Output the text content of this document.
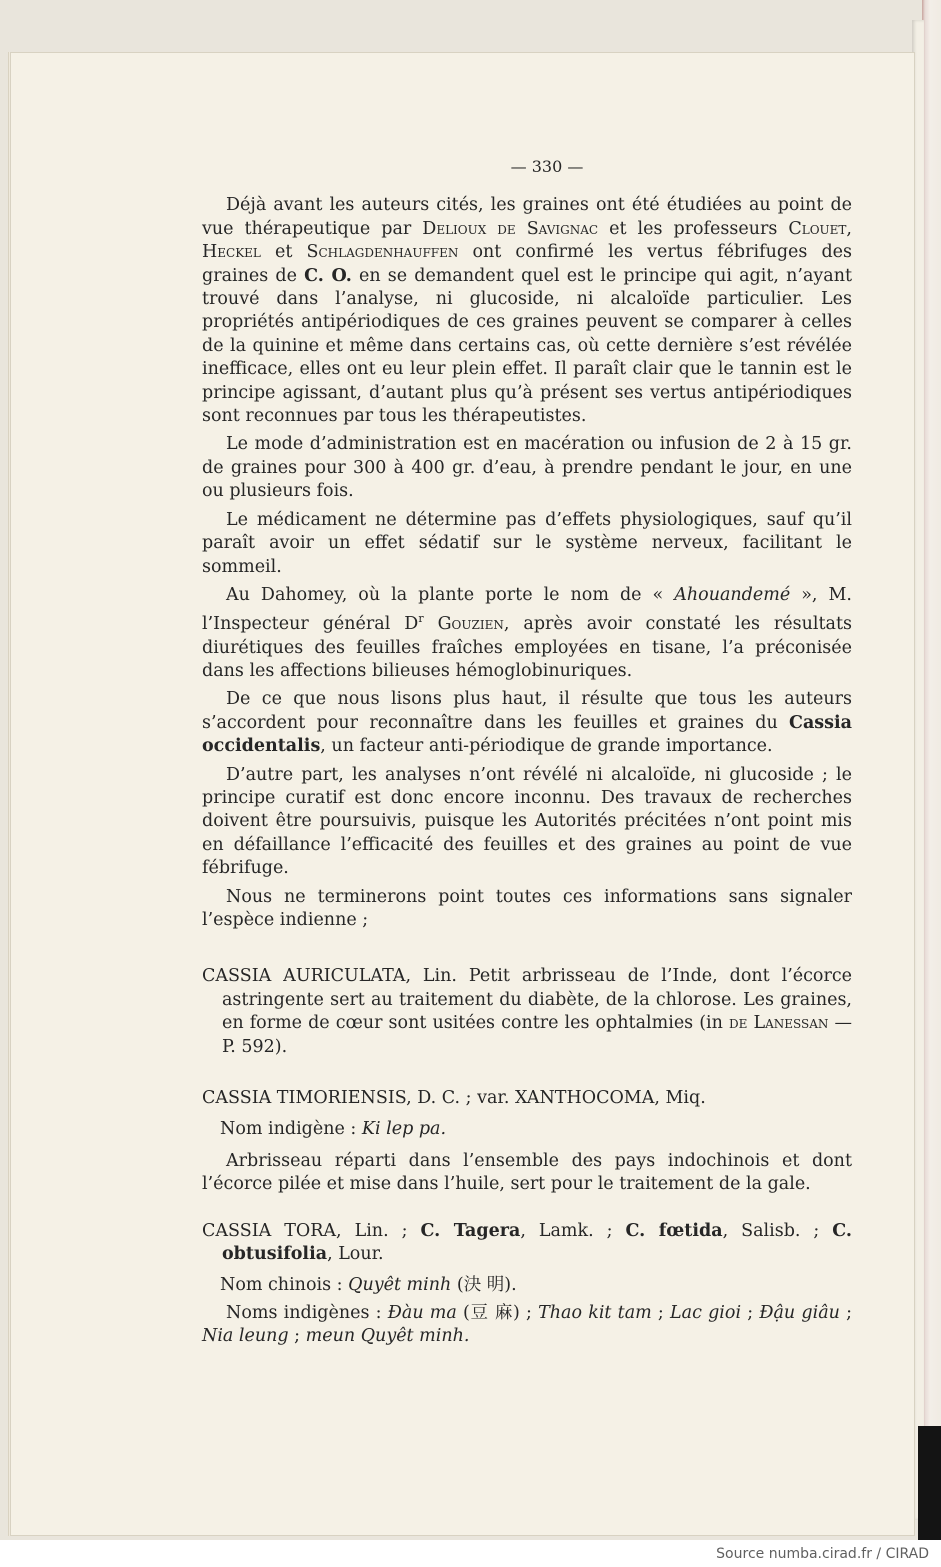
— 330 —

Déjà avant les auteurs cités, les graines ont été étudiées au point de vue thérapeutique par Delioux de Savignac et les professeurs Clouet, Heckel et Schlagdenhauffen ont confirmé les vertus fébrifuges des graines de C. O. en se demandent quel est le principe qui agit, n’ayant trouvé dans l’analyse, ni glucoside, ni alcaloïde particulier. Les propriétés antipériodiques de ces graines peuvent se comparer à celles de la quinine et même dans certains cas, où cette dernière s’est révélée inefficace, elles ont eu leur plein effet. Il paraît clair que le tannin est le principe agissant, d’autant plus qu’à présent ses vertus antipériodiques sont reconnues par tous les thérapeutistes.

Le mode d’administration est en macération ou infusion de 2 à 15 gr. de graines pour 300 à 400 gr. d’eau, à prendre pendant le jour, en une ou plusieurs fois.

Le médicament ne détermine pas d’effets physiologiques, sauf qu’il paraît avoir un effet sédatif sur le système nerveux, facilitant le sommeil.

Au Dahomey, où la plante porte le nom de « Ahouandemé », M. l’Inspecteur général $D^r$ Gouzien, après avoir constaté les résultats diurétiques des feuilles fraîches employées en tisane, l’a préconisée dans les affections bilieuses hémoglobinuriques.

De ce que nous lisons plus haut, il résulte que tous les auteurs s’accordent pour reconnaître dans les feuilles et graines du Cassia occidentalis, un facteur anti-périodique de grande importance.

D’autre part, les analyses n’ont révélé ni alcaloïde, ni glucoside ; le principe curatif est donc encore inconnu. Des travaux de recherches doivent être poursuivis, puisque les Autorités précitées n’ont point mis en défaillance l’efficacité des feuilles et des graines au point de vue fébrifuge.

Nous ne terminerons point toutes ces informations sans signaler l’espèce indienne ;

CASSIA AURICULATA, Lin. Petit arbrisseau de l’Inde, dont l’écorce astringente sert au traitement du diabète, de la chlorose. Les graines, en forme de cœur sont usitées contre les ophtalmies (in de Lanessan — P. 592).

CASSIA TIMORIENSIS, D. C. ; var. XANTHOCOMA, Miq.

Nom indigène : Ki lep pa.

Arbrisseau réparti dans l’ensemble des pays indochinois et dont l’écorce pilée et mise dans l’huile, sert pour le traitement de la gale.

CASSIA TORA, Lin. ; C. Tagera, Lamk. ; C. fœtida, Salisb. ; C. obtusifolia, Lour.

Nom chinois : Quyêt minh (決 明).

Noms indigènes : Ðàu ma (豆 麻) ; Thao kit tam ; Lac gioi ; Ðậu giâu ; Nia leung ; meun Quyêt minh.

Source numba.cirad.fr / CIRAD
